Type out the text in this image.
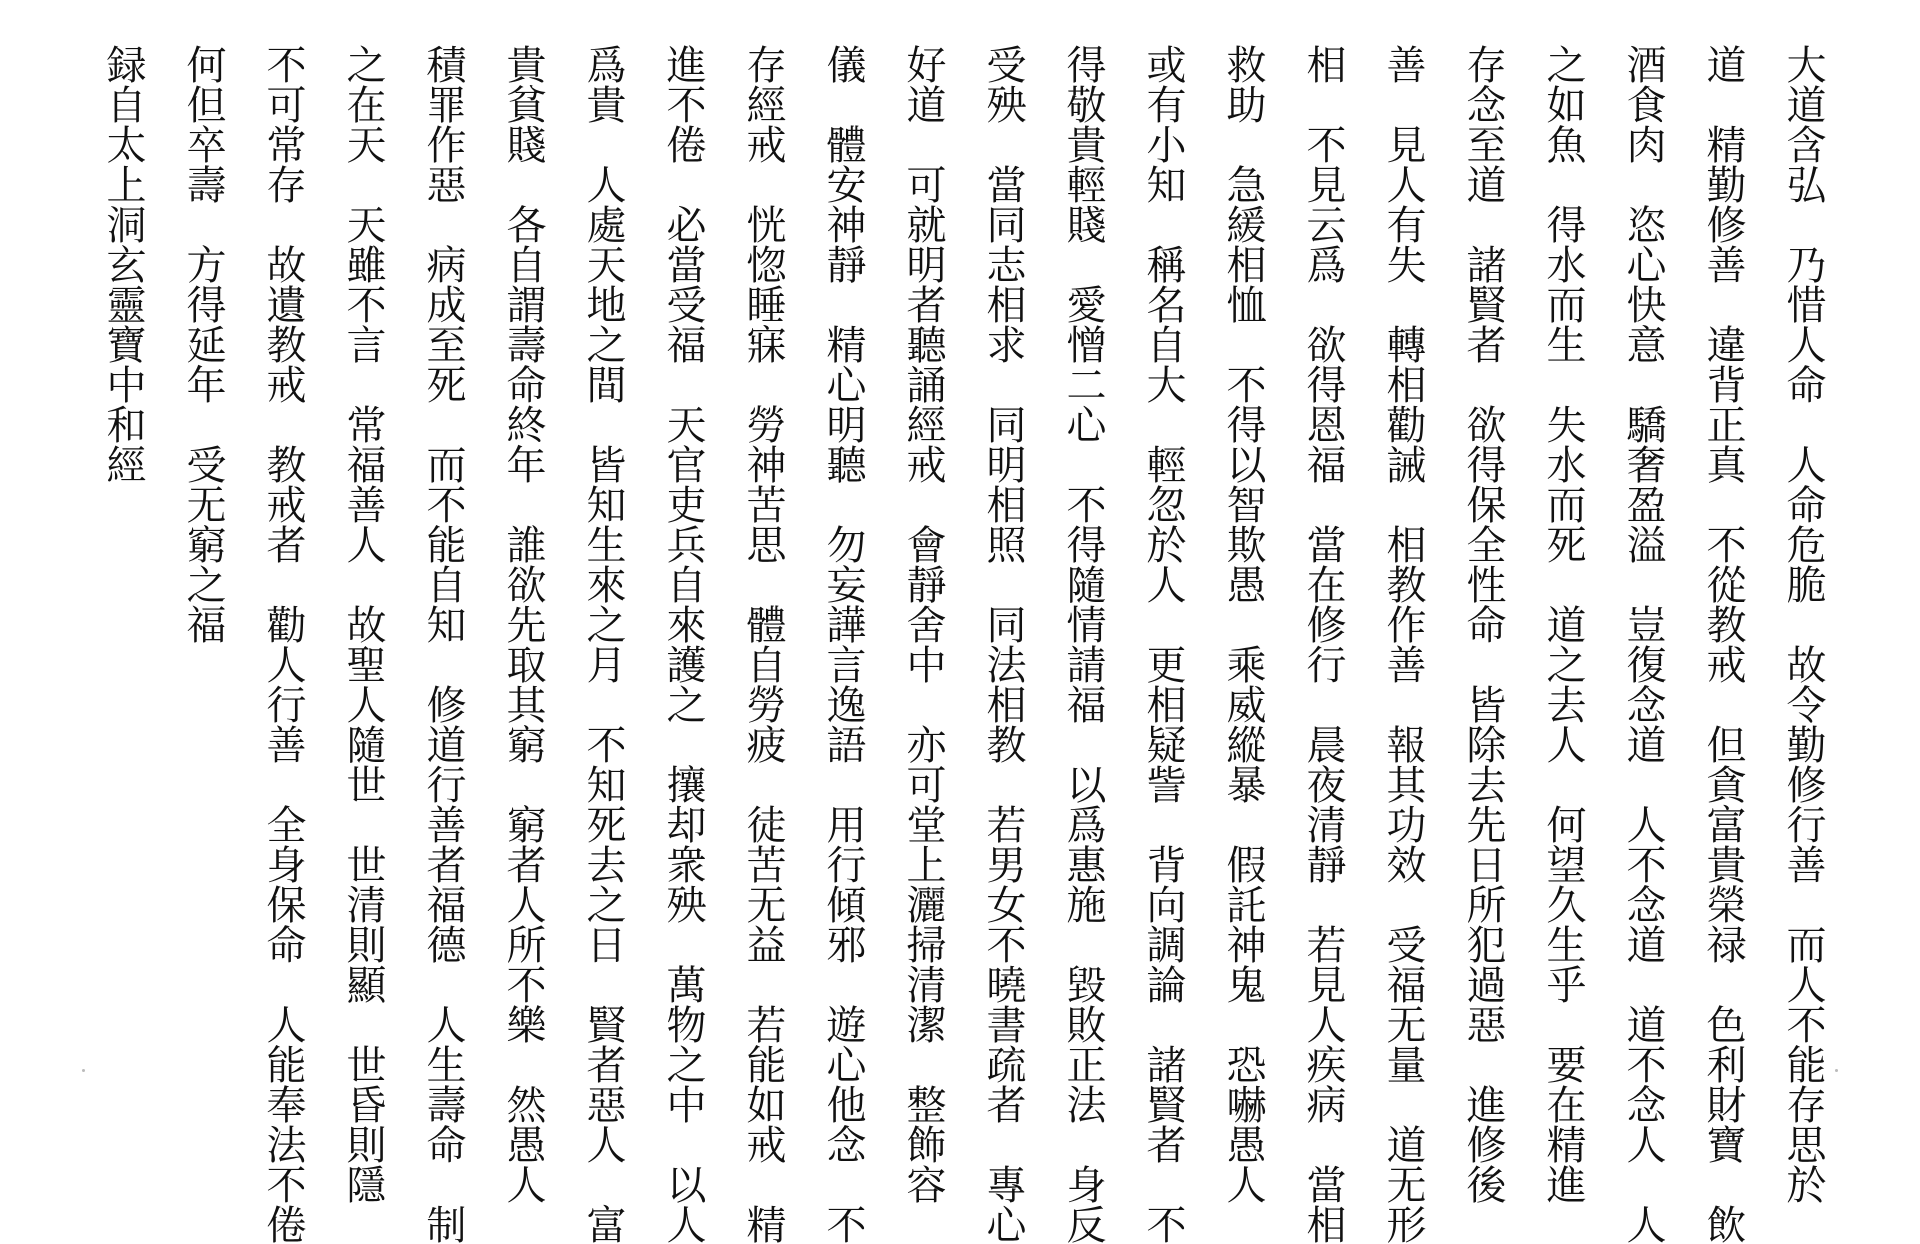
大道含弘　乃惜人命　人命危脆　故令勤修行善　而人不能存思於
道　精勤修善　違背正真　不從教戒　但貪富貴榮禄　色利財寶　飲
酒食肉　恣心快意　驕奢盈溢　豈復念道　人不念道　道不念人　人
之如魚　得水而生　失水而死　道之去人　何望久生乎　要在精進
存念至道　諸賢者　欲得保全性命　皆除去先日所犯過惡　進修後
善　見人有失　轉相勸誡　相教作善　報其功效　受福无量　道无形
相　不見云爲　欲得恩福　當在修行　晨夜清靜　若見人疾病　當相
救助　急緩相恤　不得以智欺愚　乘威縱暴　假託神鬼　恐嚇愚人
或有小知　稱名自大　輕忽於人　更相疑訾　背向調論　諸賢者　不
得敬貴輕賤　愛憎二心　不得隨情請福　以爲惠施　毀敗正法　身反
受殃　當同志相求　同明相照　同法相教　若男女不曉書疏者　專心
好道　可就明者聽誦經戒　會靜舍中　亦可堂上灑掃清潔　整飾容
儀　體安神靜　精心明聽　勿妄譁言逸語　用行傾邪　遊心他念　不
存經戒　恍惚睡寐　勞神苦思　體自勞疲　徒苦无益　若能如戒　精
進不倦　必當受福　天官吏兵自來護之　攘却衆殃　萬物之中　以人
爲貴　人處天地之間　皆知生來之月　不知死去之日　賢者惡人　富
貴貧賤　各自謂壽命終年　誰欲先取其窮　窮者人所不樂　然愚人
積罪作惡　病成至死　而不能自知　修道行善者福德　人生壽命　制
之在天　天雖不言　常福善人　故聖人隨世　世清則顯　世昏則隱
不可常存　故遺教戒　教戒者　勸人行善　全身保命　人能奉法不倦
何但卒壽　方得延年　受无窮之福
録自太上洞玄靈寶中和經
